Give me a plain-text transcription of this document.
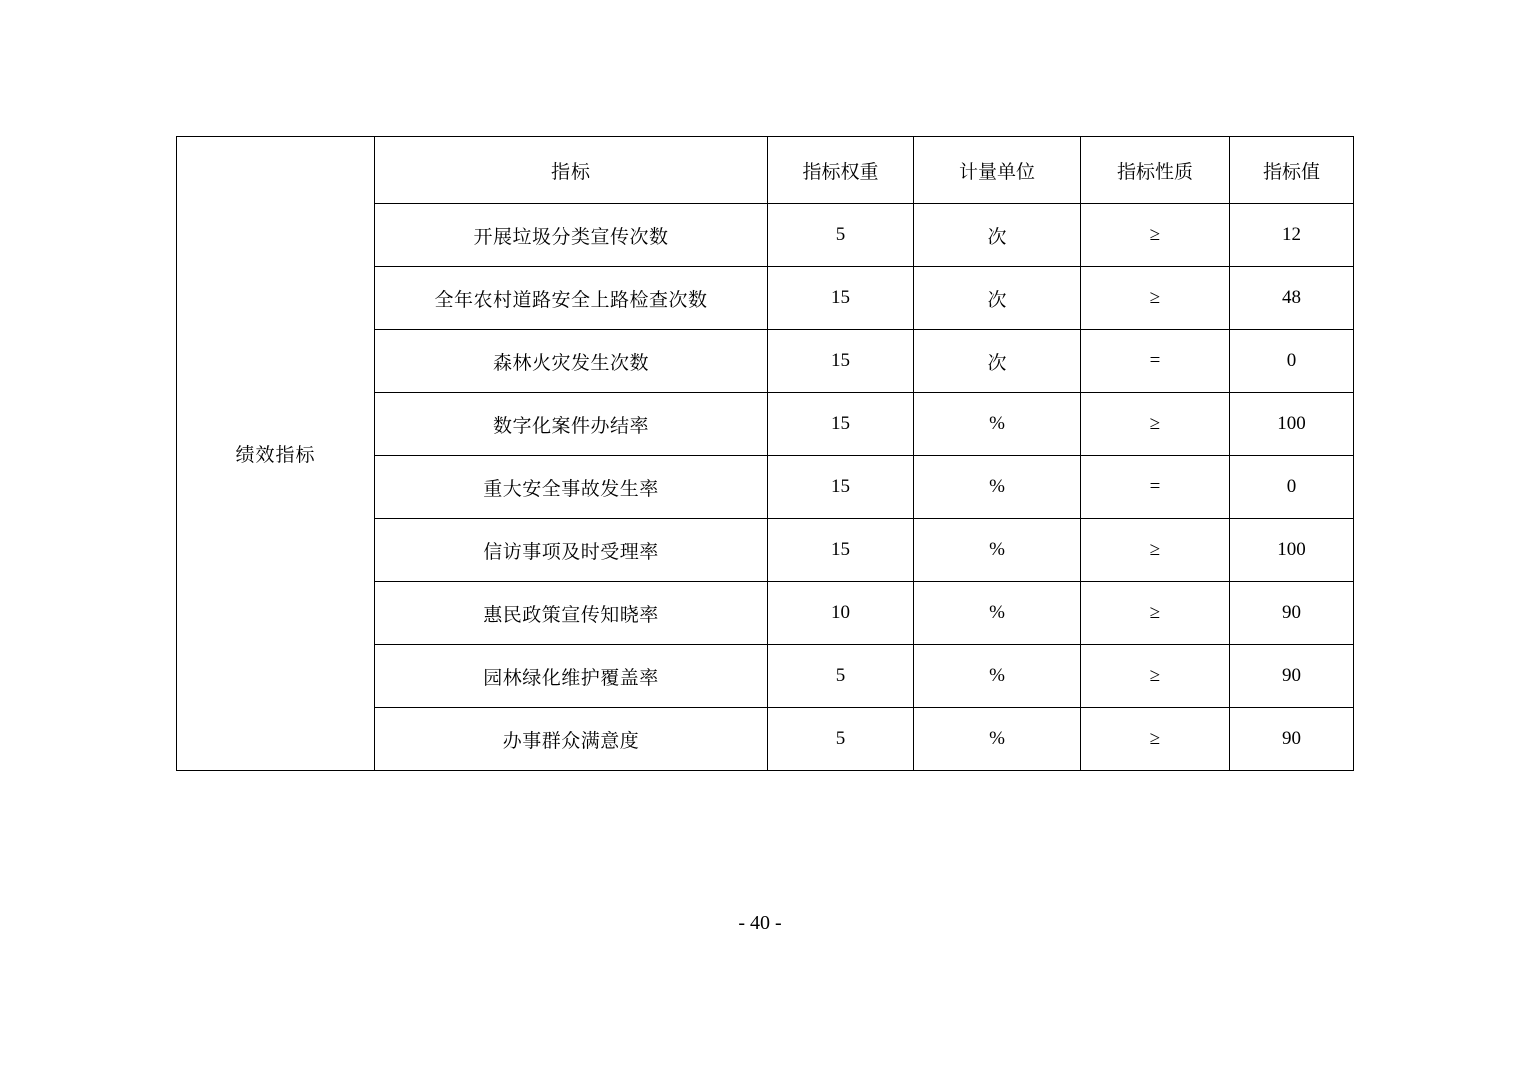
绩效指标	指标	指标权重	计量单位	指标性质	指标值
	开展垃圾分类宣传次数	5	次	≥	12
	全年农村道路安全上路检查次数	15	次	≥	48
	森林火灾发生次数	15	次	=	0
	数字化案件办结率	15	%	≥	100
	重大安全事故发生率	15	%	=	0
	信访事项及时受理率	15	%	≥	100
	惠民政策宣传知晓率	10	%	≥	90
	园林绿化维护覆盖率	5	%	≥	90
	办事群众满意度	5	%	≥	90
- 40 -
